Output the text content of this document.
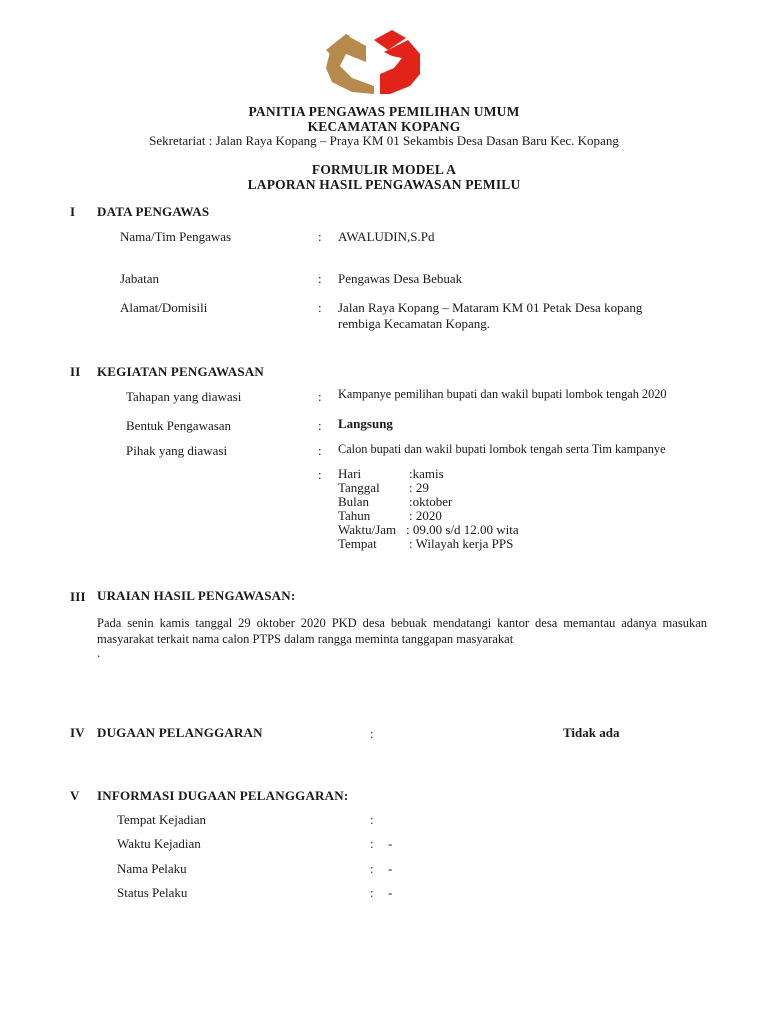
PANITIA PENGAWAS PEMILIHAN UMUM
KECAMATAN KOPANG
Sekretariat : Jalan Raya Kopang – Praya KM 01 Sekambis Desa Dasan Baru Kec. Kopang
FORMULIR MODEL A
LAPORAN HASIL PENGAWASAN PEMILU
I DATA PENGAWAS
Nama/Tim Pengawas	: AWALUDIN,S.Pd
Jabatan	: Pengawas Desa Bebuak
Alamat/Domisili	: Jalan Raya Kopang – Mataram KM 01 Petak Desa kopang
rembiga Kecamatan Kopang.
II KEGIATAN PENGAWASAN
Tahapan yang diawasi	: Kampanye pemilihan bupati dan wakil bupati lombok tengah 2020
Bentuk Pengawasan	: Langsung
Pihak yang diawasi	: Calon bupati dan wakil bupati lombok tengah serta Tim kampanye
: Hari	:kamis
Tanggal : 29
Bulan	:oktober
Tahun	: 2020
Waktu/Jam : 09.00 s/d 12.00 wita
Tempat : Wilayah kerja PPS
III URAIAN HASIL PENGAWASAN:
Pada senin kamis tanggal 29 oktober 2020 PKD desa bebuak mendatangi kantor desa memantau adanya masukan masyarakat terkait nama calon PTPS dalam rangga meminta tanggapan masyarakat
.
IV DUGAAN PELANGGARAN	:	Tidak ada
V INFORMASI DUGAAN PELANGGARAN:
Tempat Kejadian	:
Waktu Kejadian	: -
Nama Pelaku	: -
Status Pelaku	: -
